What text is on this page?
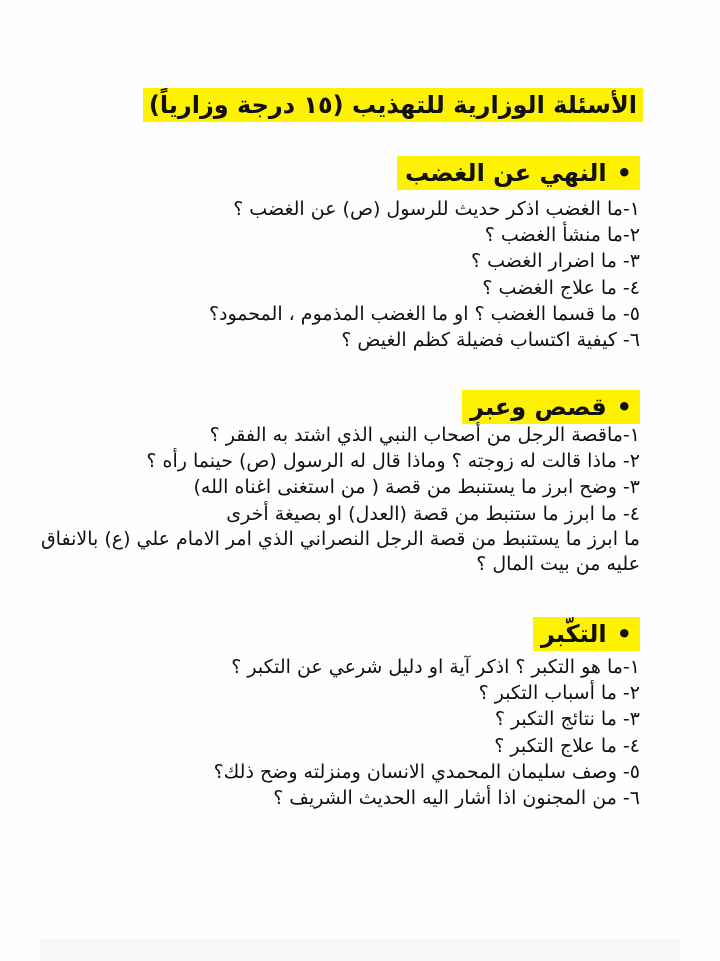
الأسئلة الوزارية للتهذيب (١٥ درجة وزارياً)
•النهي عن الغضب
١-ما الغضب اذكر حديث للرسول (ص) عن الغضب ؟
٢-ما منشأ الغضب ؟
٣- ما اضرار الغضب ؟
٤- ما علاج الغضب ؟
٥- ما قسما الغضب ؟ او ما الغضب المذموم ، المحمود؟
٦- كيفية اكتساب فضيلة كظم الغيض ؟
•قصص وعبر
١-ماقصة الرجل من أصحاب النبي الذي اشتد به الفقر ؟
٢- ماذا قالت له زوجته ؟ وماذا قال له الرسول (ص) حينما رأه ؟
٣- وضح ابرز ما يستنبط من قصة ( من استغنى اغناه الله)
٤- ما ابرز ما ستنبط من قصة (العدل) او بصيغة أخرى
ما ابرز ما يستنبط من قصة الرجل النصراني الذي امر الامام علي (ع) بالانفاق عليه من بيت المال ؟
•التكّبر
١-ما هو التكبر ؟ اذكر آية او دليل شرعي عن التكبر ؟
٢- ما أسباب التكبر ؟
٣- ما نتائج التكبر ؟
٤- ما علاج التكبر ؟
٥- وصف سليمان المحمدي الانسان ومنزلته وضح ذلك؟
٦- من المجنون اذا أشار اليه الحديث الشريف ؟
